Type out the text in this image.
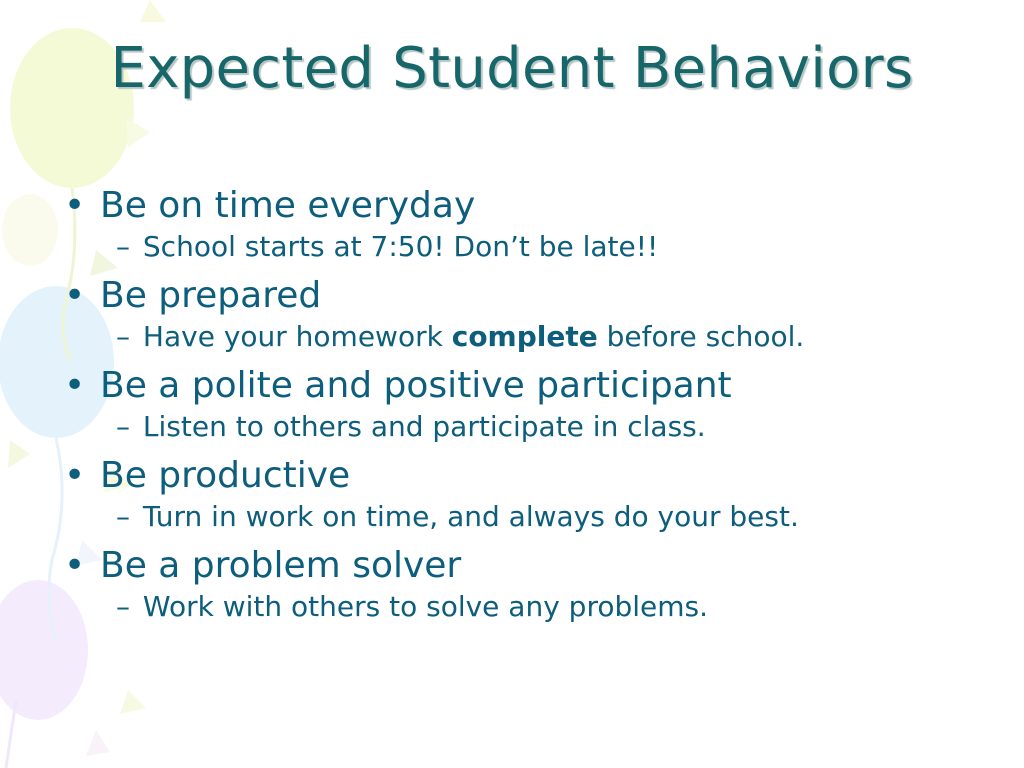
Expected Student Behaviors
• Be on time everyday
– School starts at 7:50! Don’t be late!!
• Be prepared
– Have your homework complete before school.
• Be a polite and positive participant
– Listen to others and participate in class.
• Be productive
– Turn in work on time, and always do your best.
• Be a problem solver
– Work with others to solve any problems.
